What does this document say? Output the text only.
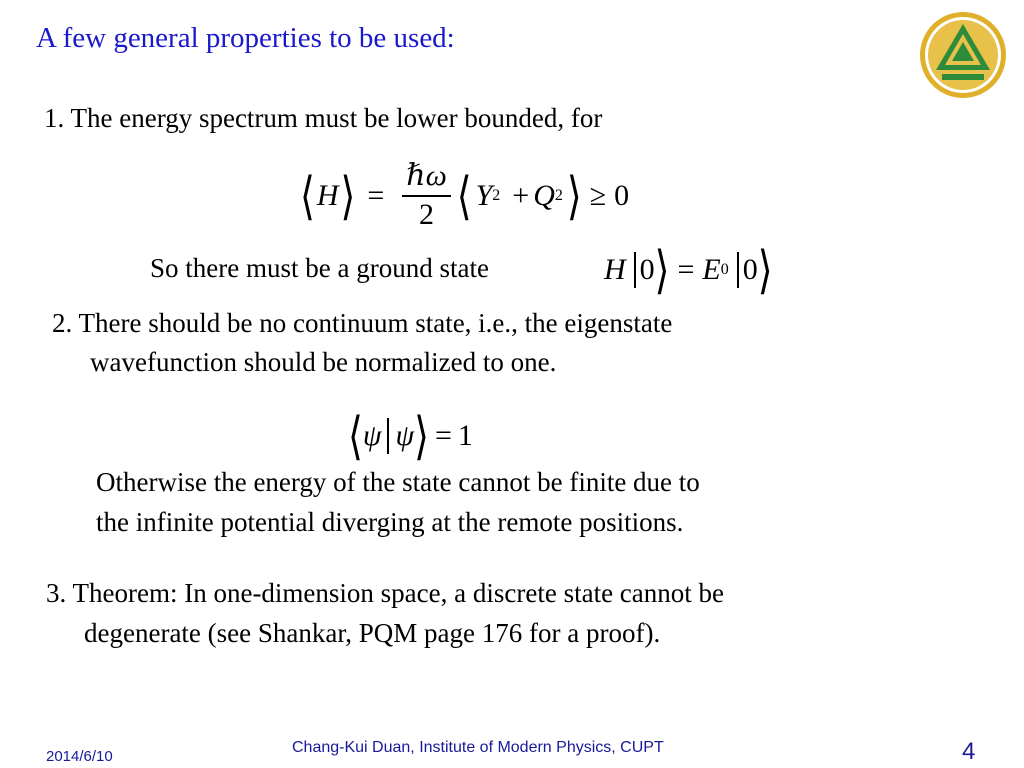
A few general properties to be used:
1. The energy spectrum must be lower bounded, for
⟨ H ⟩ = $\frac{\text{ℏω}}{2}$ ⟨ Y 2 + Q 2 ⟩ ≥ 0
So there must be a ground state	H 0 ⟩ = E 0 0 ⟩
2. There should be no continuum state, i.e., the eigenstate
wavefunction should be normalized to one.
⟨ ψ ψ ⟩ = 1
Otherwise the energy of the state cannot be finite due to
the infinite potential diverging at the remote positions.
3. Theorem: In one-dimension space, a discrete state cannot be
degenerate (see Shankar, PQM page 176 for a proof).
2014/6/10
Chang-Kui Duan, Institute of Modern Physics, CUPT	4
